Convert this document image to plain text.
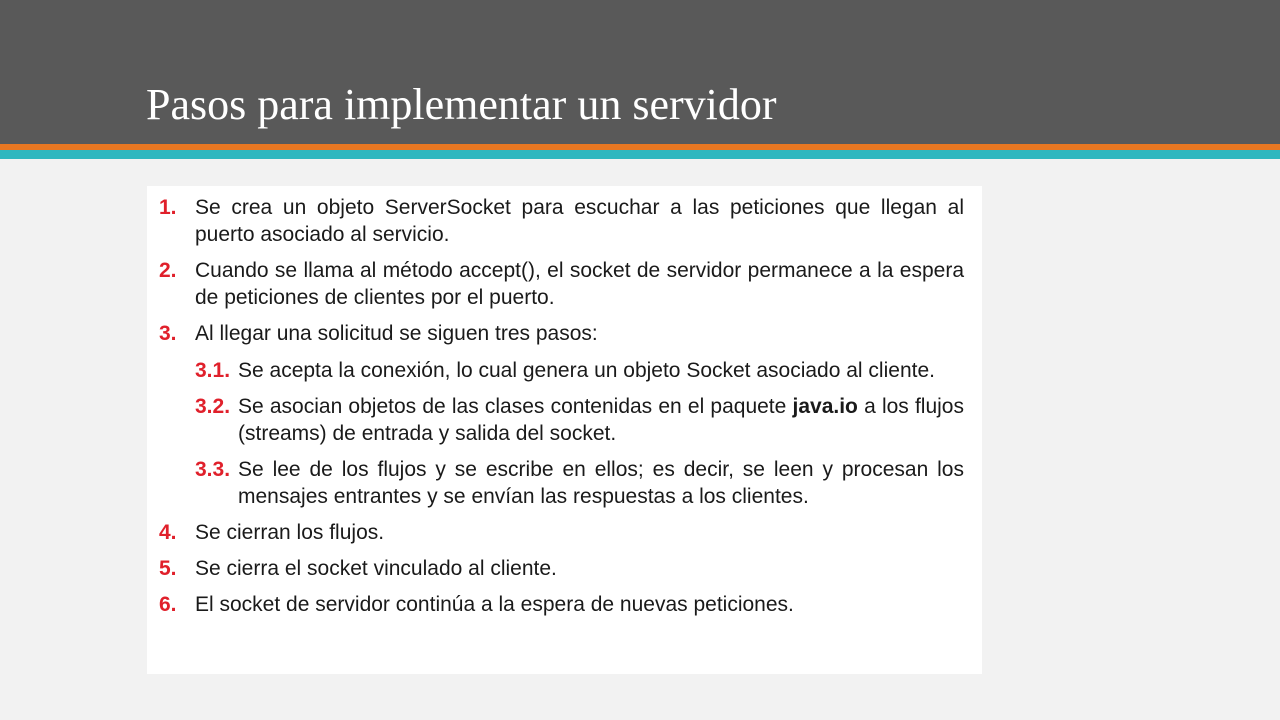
Pasos para implementar un servidor
1. Se crea un objeto ServerSocket para escuchar a las peticiones que llegan al puerto asociado al servicio.
2. Cuando se llama al método accept(), el socket de servidor permanece a la espera de peticiones de clientes por el puerto.
3. Al llegar una solicitud se siguen tres pasos:
3.1. Se acepta la conexión, lo cual genera un objeto Socket asociado al cliente.
3.2. Se asocian objetos de las clases contenidas en el paquete java.io a los flujos (streams) de entrada y salida del socket.
3.3. Se lee de los flujos y se escribe en ellos; es decir, se leen y procesan los mensajes entrantes y se envían las respuestas a los clientes.
4. Se cierran los flujos.
5. Se cierra el socket vinculado al cliente.
6. El socket de servidor continúa a la espera de nuevas peticiones.
